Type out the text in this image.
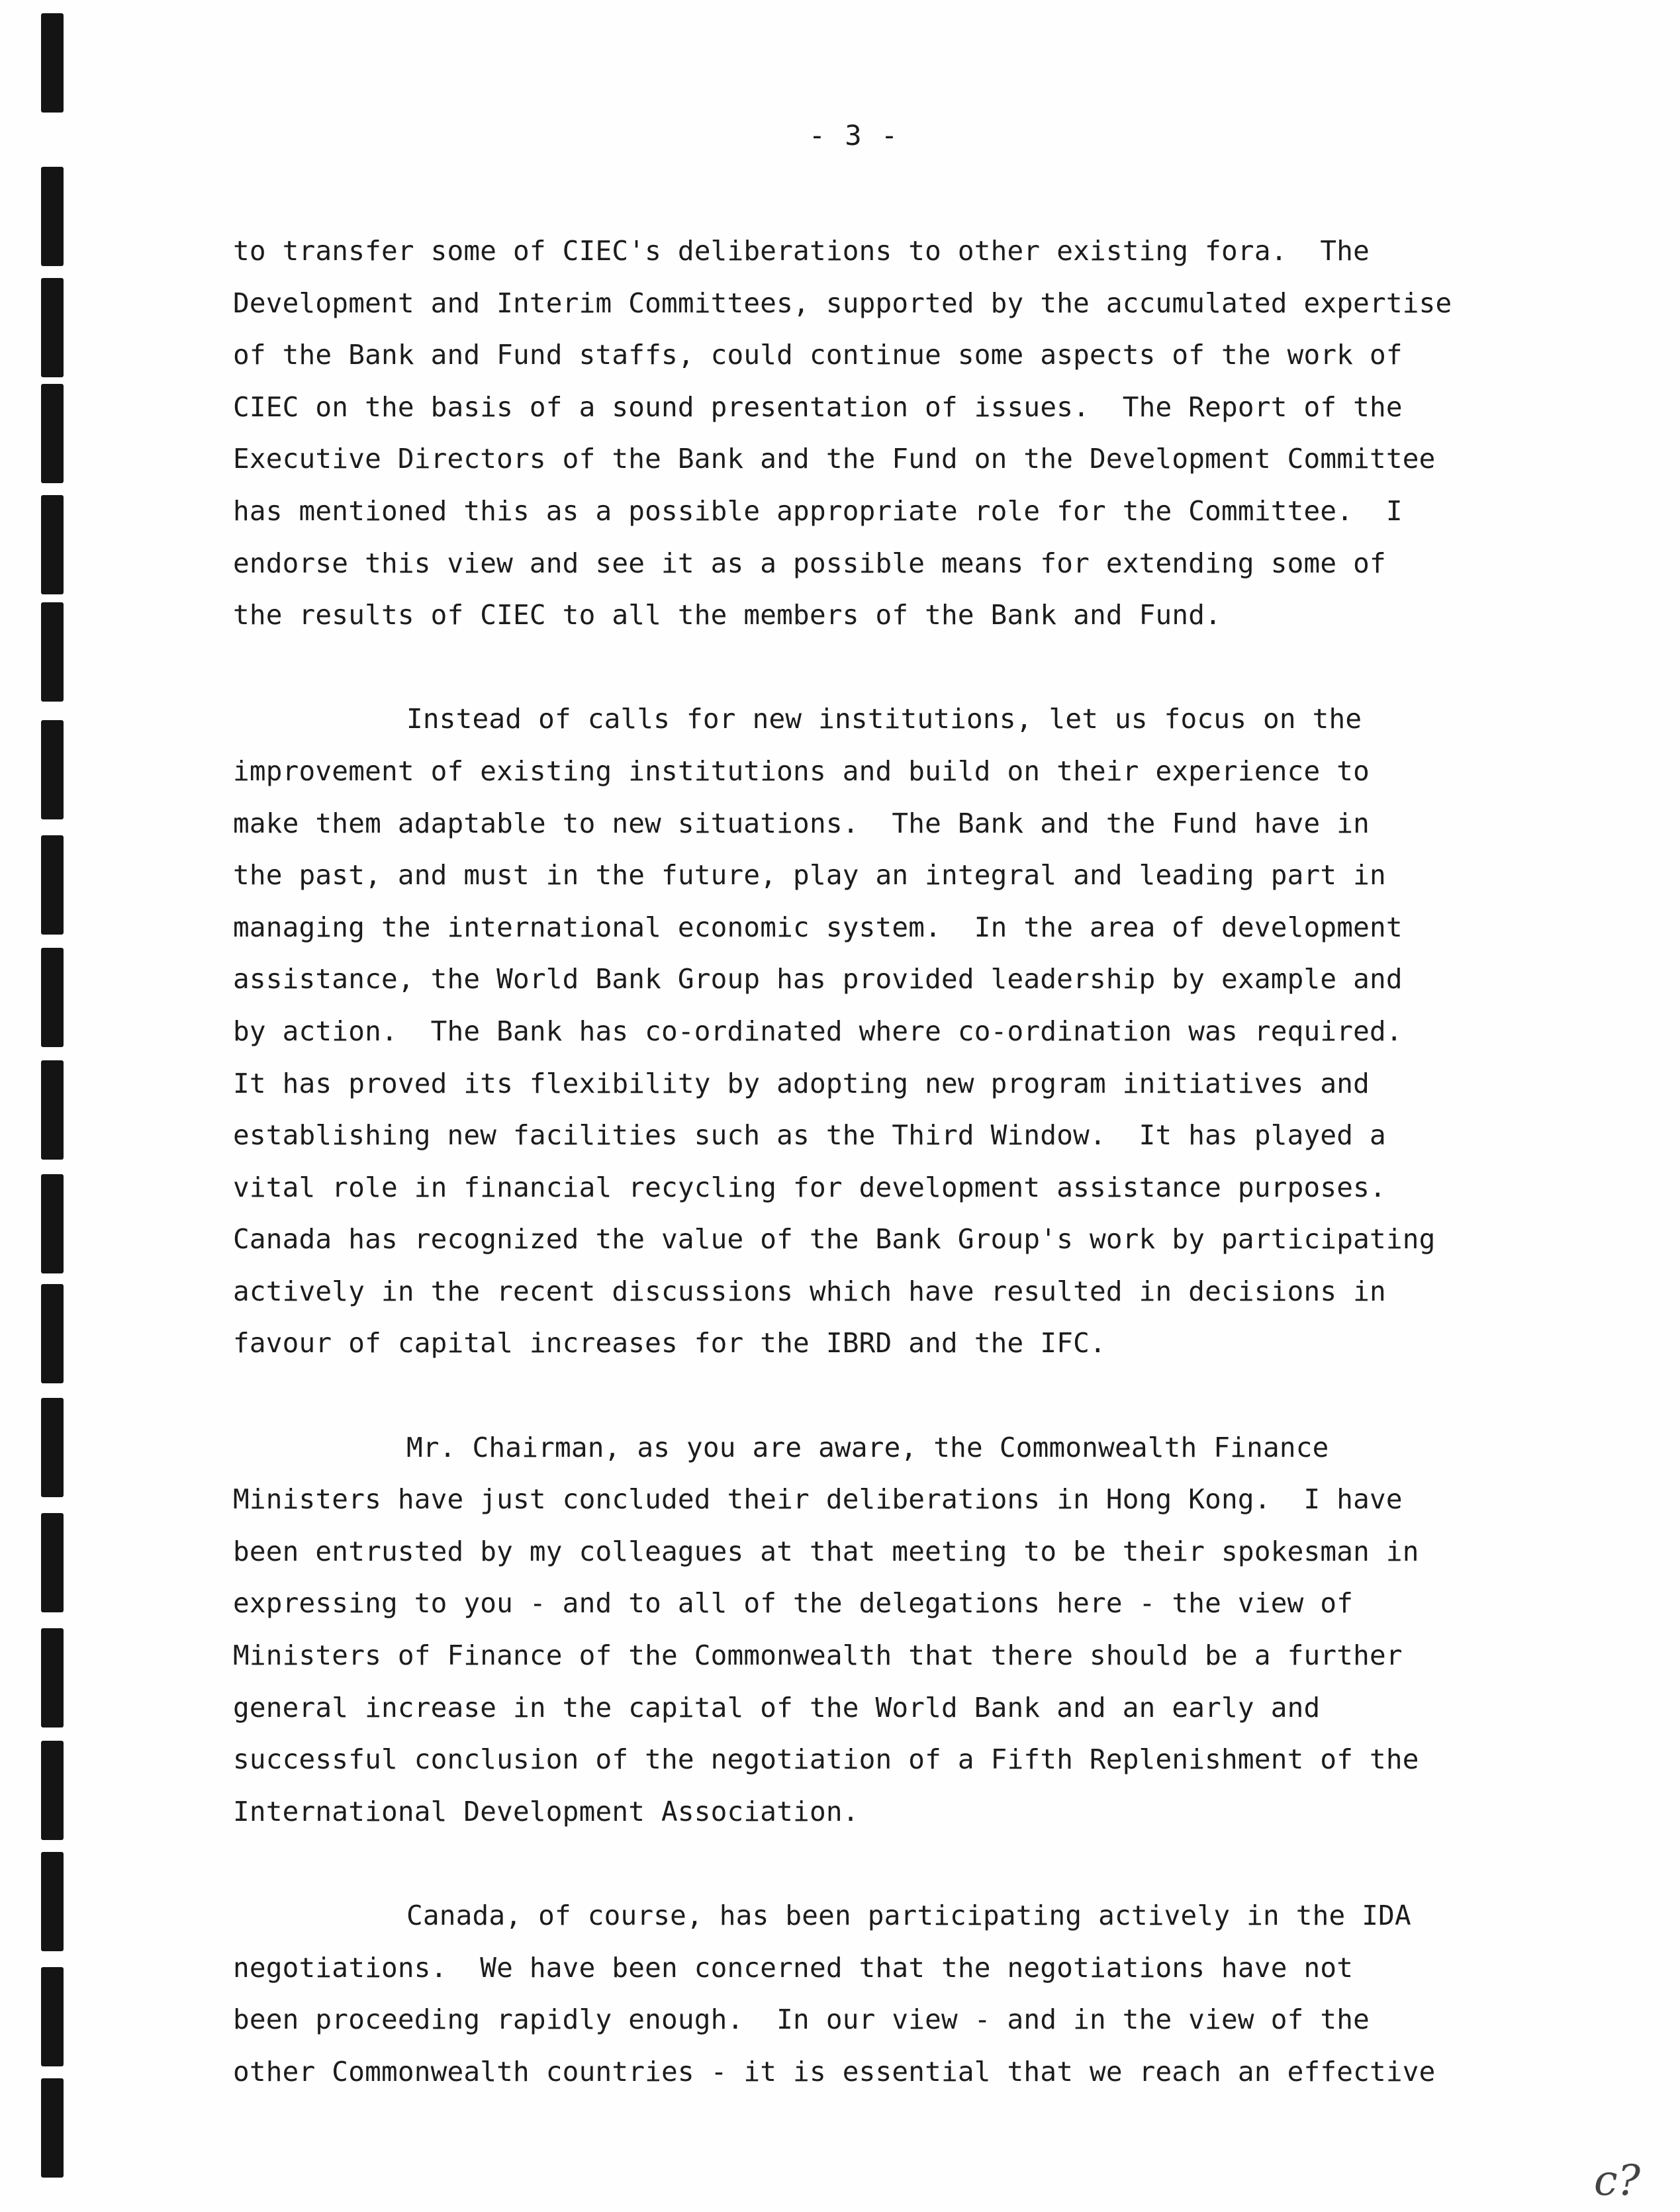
- 3 -

to transfer some of CIEC's deliberations to other existing fora.  The
Development and Interim Committees, supported by the accumulated expertise
of the Bank and Fund staffs, could continue some aspects of the work of
CIEC on the basis of a sound presentation of issues.  The Report of the
Executive Directors of the Bank and the Fund on the Development Committee
has mentioned this as a possible appropriate role for the Committee.  I
endorse this view and see it as a possible means for extending some of
the results of CIEC to all the members of the Bank and Fund.

Instead of calls for new institutions, let us focus on the
improvement of existing institutions and build on their experience to
make them adaptable to new situations.  The Bank and the Fund have in
the past, and must in the future, play an integral and leading part in
managing the international economic system.  In the area of development
assistance, the World Bank Group has provided leadership by example and
by action.  The Bank has co-ordinated where co-ordination was required.
It has proved its flexibility by adopting new program initiatives and
establishing new facilities such as the Third Window.  It has played a
vital role in financial recycling for development assistance purposes.
Canada has recognized the value of the Bank Group's work by participating
actively in the recent discussions which have resulted in decisions in
favour of capital increases for the IBRD and the IFC.

Mr. Chairman, as you are aware, the Commonwealth Finance
Ministers have just concluded their deliberations in Hong Kong.  I have
been entrusted by my colleagues at that meeting to be their spokesman in
expressing to you - and to all of the delegations here - the view of
Ministers of Finance of the Commonwealth that there should be a further
general increase in the capital of the World Bank and an early and
successful conclusion of the negotiation of a Fifth Replenishment of the
International Development Association.

Canada, of course, has been participating actively in the IDA
negotiations.  We have been concerned that the negotiations have not
been proceeding rapidly enough.  In our view - and in the view of the
other Commonwealth countries - it is essential that we reach an effective

c?
